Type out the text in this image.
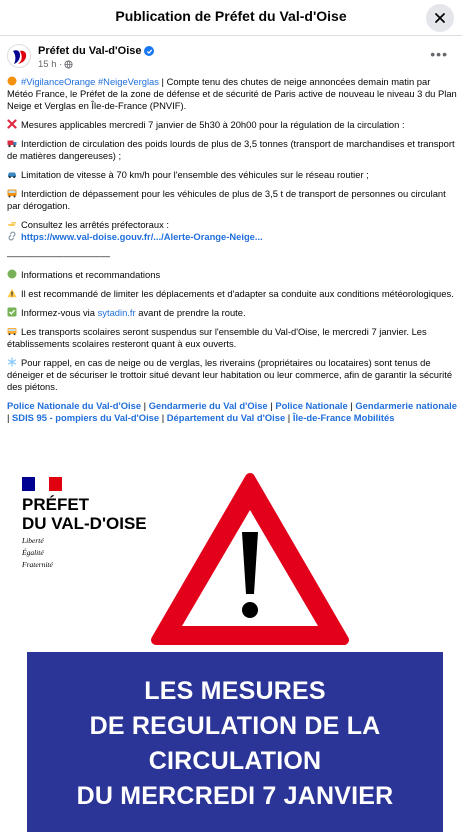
Publication de Préfet du Val-d'Oise
Préfet du Val-d'Oise
15 h ·
•••
#VigilanceOrange #NeigeVerglas | Compte tenu des chutes de neige annoncées demain matin par Météo France, le Préfet de la zone de défense et de sécurité de Paris active de nouveau le niveau 3 du Plan Neige et Verglas en Île-de-France (PNVIF).
Mesures applicables mercredi 7 janvier de 5h30 à 20h00 pour la régulation de la circulation :
Interdiction de circulation des poids lourds de plus de 3,5 tonnes (transport de marchandises et transport de matières dangereuses) ;
Limitation de vitesse à 70 km/h pour l'ensemble des véhicules sur le réseau routier ;
Interdiction de dépassement pour les véhicules de plus de 3,5 t de transport de personnes ou circulant par dérogation.
Consultez les arrêtés préfectoraux :
https://www.val-doise.gouv.fr/.../Alerte-Orange-Neige...
———————————
Informations et recommandations
Il est recommandé de limiter les déplacements et d'adapter sa conduite aux conditions météorologiques.
Informez-vous via sytadin.fr avant de prendre la route.
Les transports scolaires seront suspendus sur l'ensemble du Val-d'Oise, le mercredi 7 janvier. Les établissements scolaires resteront quant à eux ouverts.
Pour rappel, en cas de neige ou de verglas, les riverains (propriétaires ou locataires) sont tenus de déneiger et de sécuriser le trottoir situé devant leur habitation ou leur commerce, afin de garantir la sécurité des piétons.
Police Nationale du Val-d'Oise | Gendarmerie du Val d'Oise | Police Nationale | Gendarmerie nationale | SDIS 95 - pompiers du Val-d'Oise | Département du Val d'Oise | Île-de-France Mobilités
PRÉFET
DU VAL-D'OISE
Liberté
Égalité
Fraternité
LES MESURES
DE REGULATION DE LA
CIRCULATION
DU MERCREDI 7 JANVIER
